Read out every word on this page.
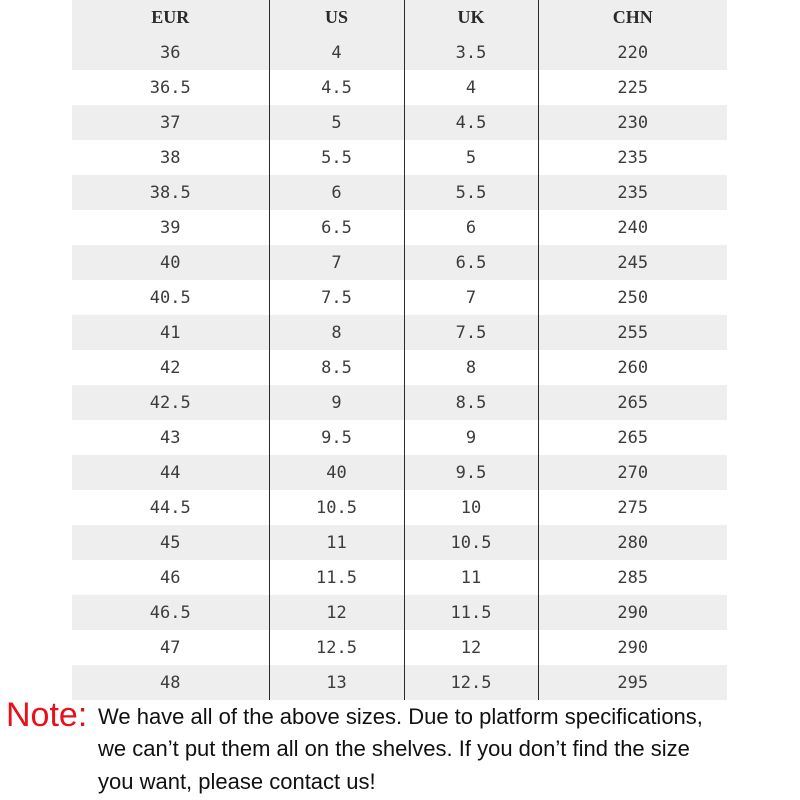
EUR	US	UK	CHN
36	4	3.5	220
36.5	4.5	4	225
37	5	4.5	230
38	5.5	5	235
38.5	6	5.5	235
39	6.5	6	240
40	7	6.5	245
40.5	7.5	7	250
41	8	7.5	255
42	8.5	8	260
42.5	9	8.5	265
43	9.5	9	265
44	40	9.5	270
44.5	10.5	10	275
45	11	10.5	280
46	11.5	11	285
46.5	12	11.5	290
47	12.5	12	290
48	13	12.5	295
Note: We have all of the above sizes. Due to platform specifications,
we can’t put them all on the shelves. If you don’t find the size
you want, please contact us!
